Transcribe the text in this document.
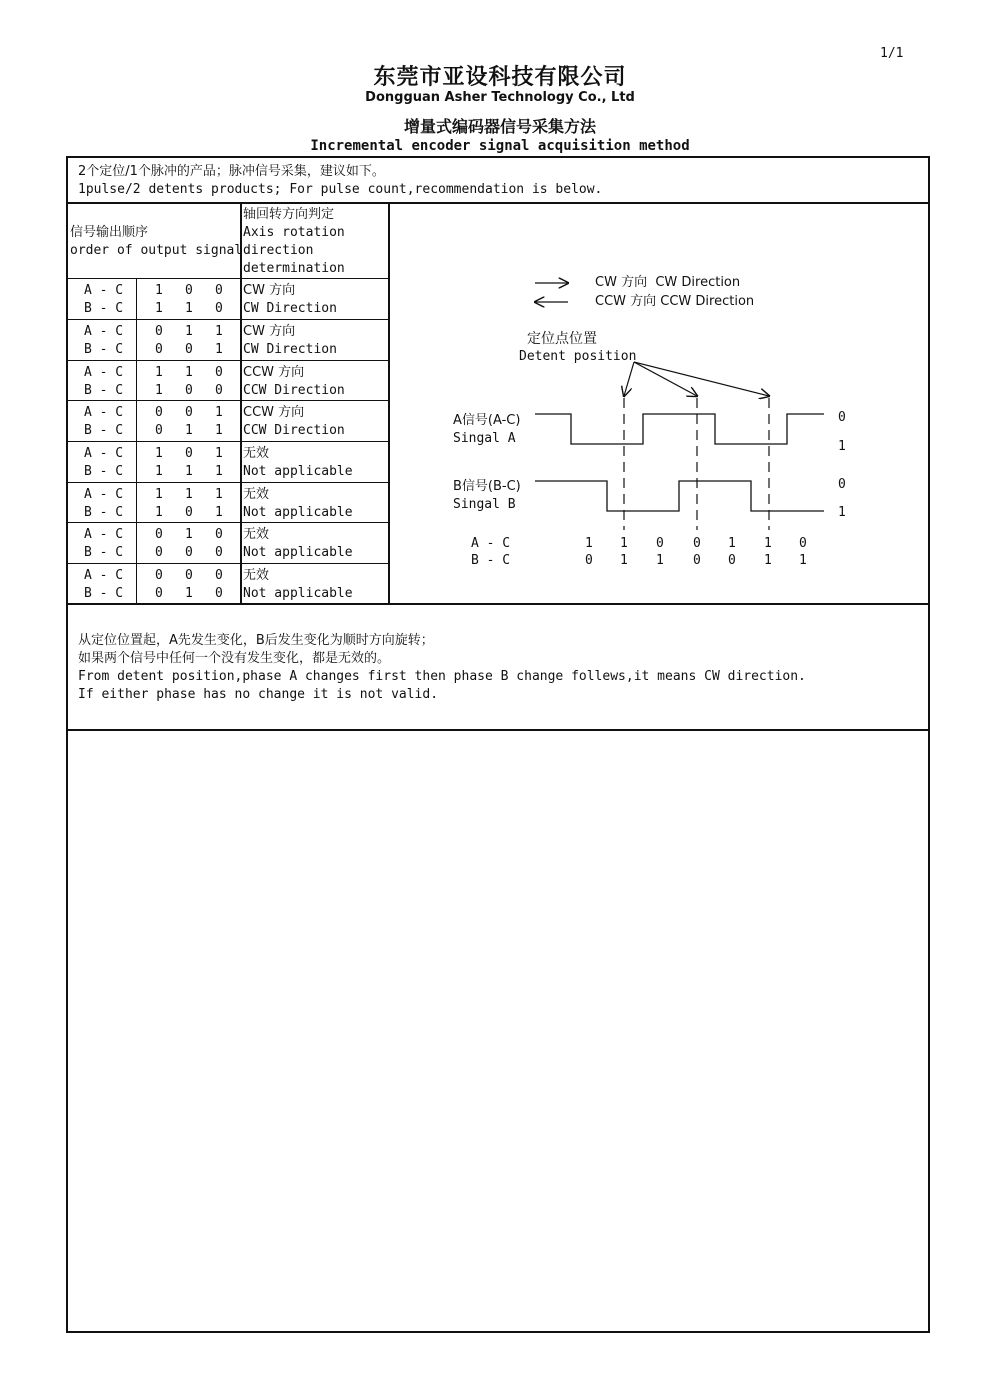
1/1
东莞市亚设科技有限公司
Dongguan Asher Technology Co., Ltd
增量式编码器信号采集方法
Incremental encoder signal acquisition method
2个定位/1个脉冲的产品；脉冲信号采集，建议如下。
1pulse/2 detents products; For pulse count,recommendation is below.
信号输出顺序
order of output signal
轴回转方向判定
Axis rotation
direction
determination
A - C
B - C
1 0 0
1 1 0
CW 方向
CW Direction
A - C
B - C
0 1 1
0 0 1
CW 方向
CW Direction
A - C
B - C
1 1 0
1 0 0
CCW 方向
CCW Direction
A - C
B - C
0 0 1
0 1 1
CCW 方向
CCW Direction
A - C
B - C
1 0 1
1 1 1
无效
Not applicable
A - C
B - C
1 1 1
1 0 1
无效
Not applicable
A - C
B - C
0 1 0
0 0 0
无效
Not applicable
A - C
B - C
0 0 0
0 1 0
无效
Not applicable
CW 方向  CW Direction
CCW 方向 CCW Direction
定位点位置
Detent position
A信号(A-C)
Singal A
B信号(B-C)
Singal B
0
1
0
1
A - C
B - C
1 1 0 0 1 1 0
0 1 1 0 0 1 1
从定位位置起，A先发生变化，B后发生变化为顺时方向旋转；
如果两个信号中任何一个没有发生变化，都是无效的。
From detent position,phase A changes first then phase B change follews,it means CW direction.
If either phase has no change it is not valid.
